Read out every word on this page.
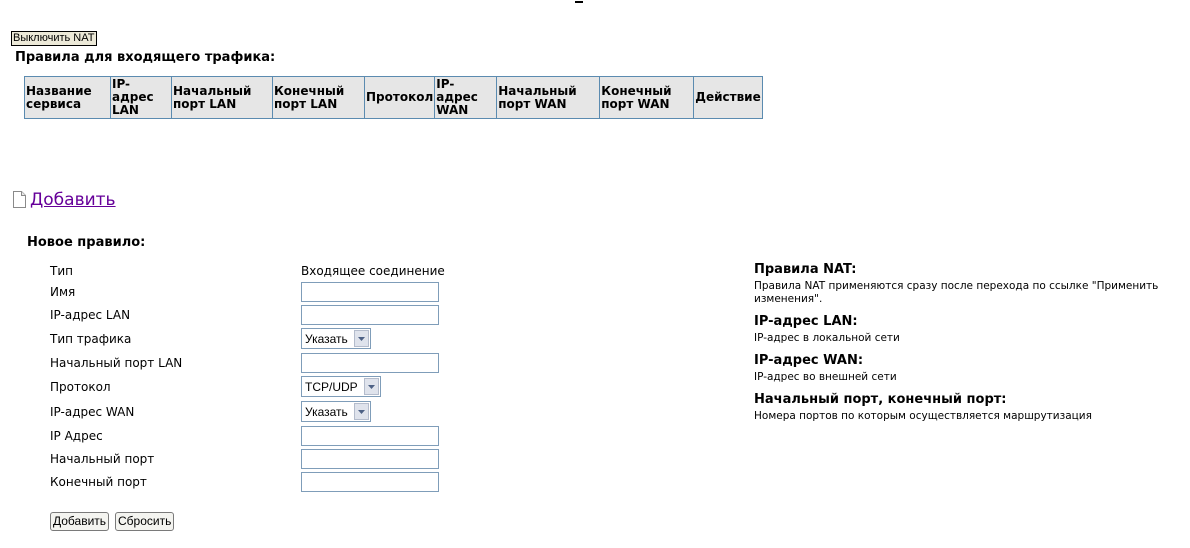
Выключить NAT
Правила для входящего трафика:
Название сервиса	IP-адрес LAN	Начальный порт LAN	Конечный порт LAN	Протокол	IP-адрес WAN	Начальный порт WAN	Конечный порт WAN	Действие
Добавить
Новое правило:
Тип	Входящее соединение
Имя
IP-адрес LAN
Тип трафика	Указать
Начальный порт LAN
Протокол	TCP/UDP
IP-адрес WAN	Указать
IP Адрес
Начальный порт
Конечный порт
Добавить Сбросить
Правила NAT:
Правила NAT применяются сразу после перехода по ссылке "Применить изменения".
IP-адрес LAN:
IP-адрес в локальной сети
IP-адрес WAN:
IP-адрес во внешней сети
Начальный порт, конечный порт:
Номера портов по которым осуществляется маршрутизация
